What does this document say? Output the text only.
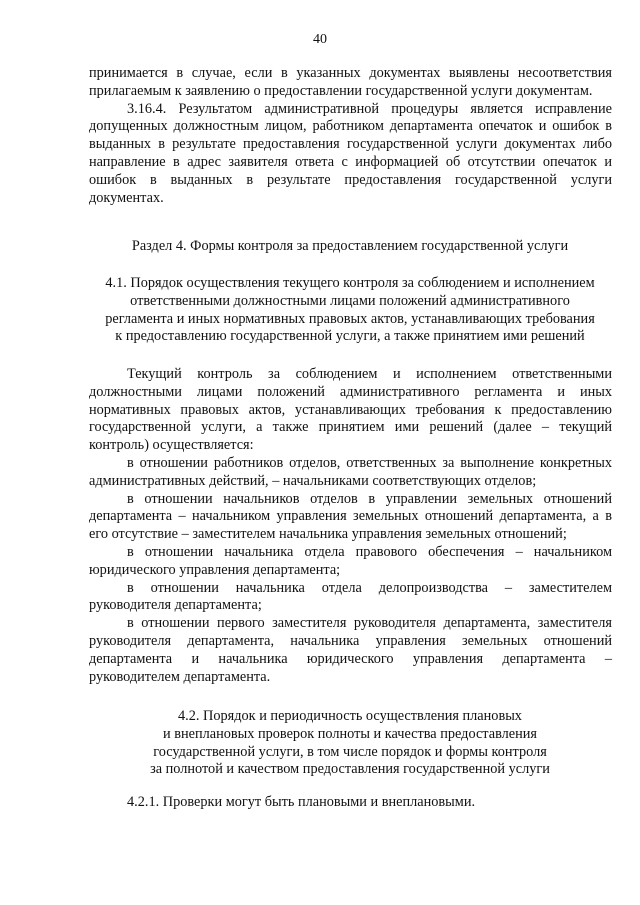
40

принимается в случае, если в указанных документах выявлены несоответствия прилагаемым к заявлению о предоставлении государственной услуги документам.

3.16.4. Результатом административной процедуры является исправление допущенных должностным лицом, работником департамента опечаток и ошибок в выданных в результате предоставления государственной услуги документах либо направление в адрес заявителя ответа с информацией об отсутствии опечаток и ошибок в выданных в результате предоставления государственной услуги документах.

Раздел 4. Формы контроля за предоставлением государственной услуги
4.1. Порядок осуществления текущего контроля за соблюдением и исполнением
ответственными должностными лицами положений административного
регламента и иных нормативных правовых актов, устанавливающих требования
к предоставлению государственной услуги, а также принятием ими решений

Текущий контроль за соблюдением и исполнением ответственными должностными лицами положений административного регламента и иных нормативных правовых актов, устанавливающих требования к предоставлению государственной услуги, а также принятием ими решений (далее – текущий контроль) осуществляется:

в отношении работников отделов, ответственных за выполнение конкретных административных действий, – начальниками соответствующих отделов;

в отношении начальников отделов в управлении земельных отношений департамента – начальником управления земельных отношений департамента, а в его отсутствие – заместителем начальника управления земельных отношений;

в отношении начальника отдела правового обеспечения – начальником юридического управления департамента;

в отношении начальника отдела делопроизводства – заместителем руководителя департамента;

в отношении первого заместителя руководителя департамента, заместителя руководителя департамента, начальника управления земельных отношений департамента и начальника юридического управления департамента – руководителем департамента.

4.2. Порядок и периодичность осуществления плановых
и внеплановых проверок полноты и качества предоставления
государственной услуги, в том числе порядок и формы контроля
за полнотой и качеством предоставления государственной услуги

4.2.1. Проверки могут быть плановыми и внеплановыми.
